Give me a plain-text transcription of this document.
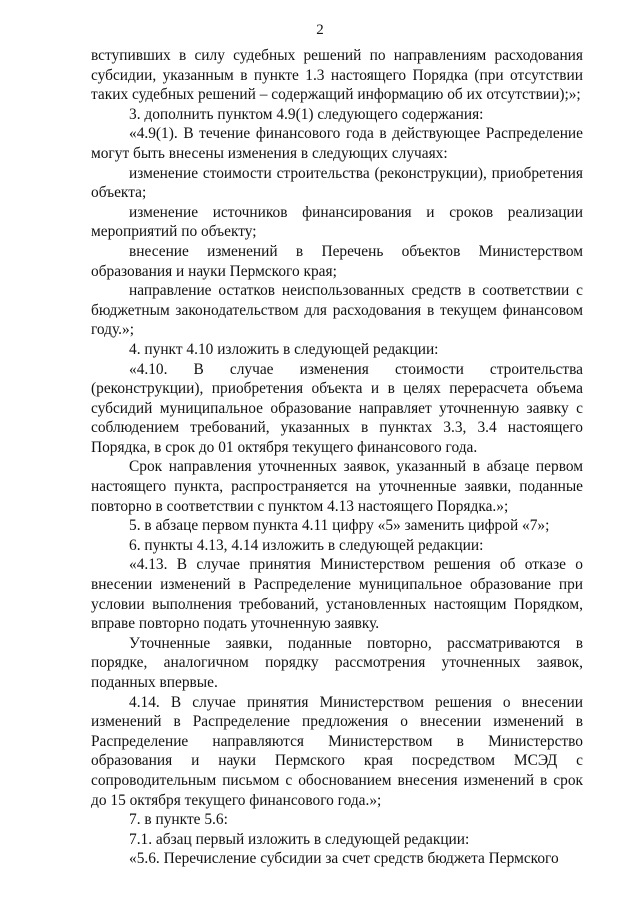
2

вступивших в силу судебных решений по направлениям расходования субсидии, указанным в пункте 1.3 настоящего Порядка (при отсутствии таких судебных решений – содержащий информацию об их отсутствии);»;

3. дополнить пунктом 4.9(1) следующего содержания:

«4.9(1). В течение финансового года в действующее Распределение могут быть внесены изменения в следующих случаях:

изменение стоимости строительства (реконструкции), приобретения объекта;

изменение источников финансирования и сроков реализации мероприятий по объекту;

внесение изменений в Перечень объектов Министерством образования и науки Пермского края;

направление остатков неиспользованных средств в соответствии с бюджетным законодательством для расходования в текущем финансовом году.»;

4. пункт 4.10 изложить в следующей редакции:

«4.10. В случае изменения стоимости строительства (реконструкции), приобретения объекта и в целях перерасчета объема субсидий муниципальное образование направляет уточненную заявку с соблюдением требований, указанных в пунктах 3.3, 3.4 настоящего Порядка, в срок до 01 октября текущего финансового года.

Срок направления уточненных заявок, указанный в абзаце первом настоящего пункта, распространяется на уточненные заявки, поданные повторно в соответствии с пунктом 4.13 настоящего Порядка.»;

5. в абзаце первом пункта 4.11 цифру «5» заменить цифрой «7»;

6. пункты 4.13, 4.14 изложить в следующей редакции:

«4.13. В случае принятия Министерством решения об отказе о внесении изменений в Распределение муниципальное образование при условии выполнения требований, установленных настоящим Порядком, вправе повторно подать уточненную заявку.

Уточненные заявки, поданные повторно, рассматриваются в порядке, аналогичном порядку рассмотрения уточненных заявок, поданных впервые.

4.14. В случае принятия Министерством решения о внесении изменений в Распределение предложения о внесении изменений в Распределение направляются Министерством в Министерство образования и науки Пермского края посредством МСЭД с сопроводительным письмом с обоснованием внесения изменений в срок до 15 октября текущего финансового года.»;

7. в пункте 5.6:

7.1. абзац первый изложить в следующей редакции:

«5.6. Перечисление субсидии за счет средств бюджета Пермского
